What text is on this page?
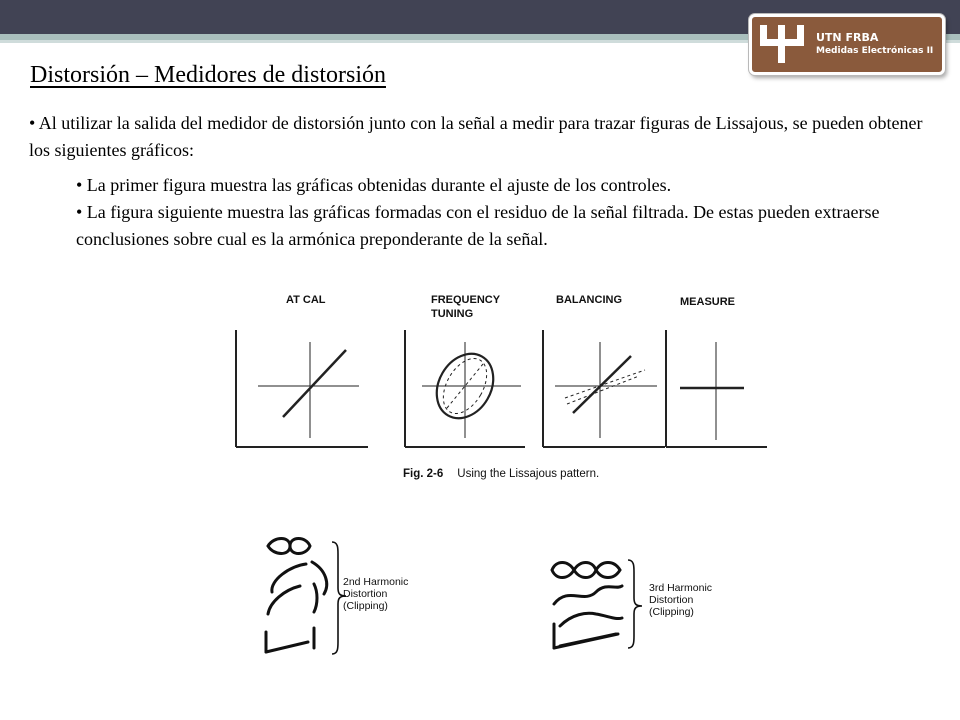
UTN FRBA
Medidas Electrónicas II
Distorsión – Medidores de distorsión

• Al utilizar la salida del medidor de distorsión junto con la señal a medir para trazar figuras de Lissajous, se pueden obtener los siguientes gráficos:

• La primer figura muestra las gráficas obtenidas durante el ajuste de los controles.

• La figura siguiente muestra las gráficas formadas con el residuo de la señal filtrada. De estas pueden extraerse conclusiones sobre cual es la armónica preponderante de la señal.

AT CAL	FREQUENCY
TUNING
BALANCING	MEASURE
Fig. 2-6 Using the Lissajous pattern.
2nd Harmonic
Distortion
(Clipping)
3rd Harmonic
Distortion
(Clipping)
